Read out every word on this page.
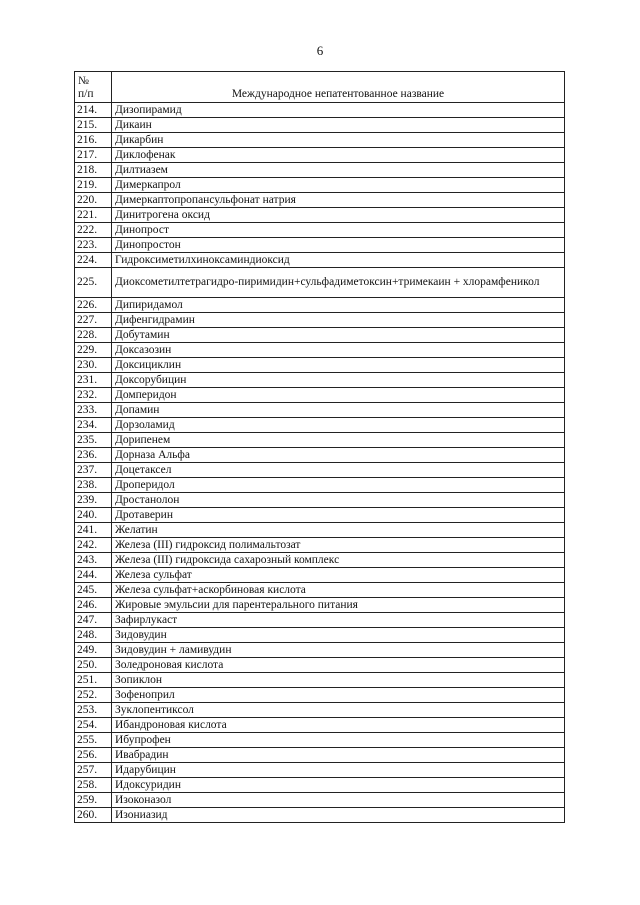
6
№
п/п	Международное непатентованное название
214.	Дизопирамид
215.	Дикаин
216.	Дикарбин
217.	Диклофенак
218.	Дилтиазем
219.	Димеркапрол
220.	Димеркаптопропансульфонат натрия
221.	Динитрогена оксид
222.	Динопрост
223.	Динопростон
224.	Гидроксиметилхиноксаминдиоксид
225.	Диоксометилтетрагидро-пиримидин+сульфадиметоксин+тримекаин + хлорамфеникол
226.	Дипиридамол
227.	Дифенгидрамин
228.	Добутамин
229.	Доксазозин
230.	Доксициклин
231.	Доксорубицин
232.	Домперидон
233.	Допамин
234.	Дорзоламид
235.	Дорипенем
236.	Дорназа Альфа
237.	Доцетаксел
238.	Дроперидол
239.	Дростанолон
240.	Дротаверин
241.	Желатин
242.	Железа (III) гидроксид полимальтозат
243.	Железа (III) гидроксида сахарозный комплекс
244.	Железа сульфат
245.	Железа сульфат+аскорбиновая кислота
246.	Жировые эмульсии для парентерального питания
247.	Зафирлукаст
248.	Зидовудин
249.	Зидовудин + ламивудин
250.	Золедроновая кислота
251.	Зопиклон
252.	Зофеноприл
253.	Зуклопентиксол
254.	Ибандроновая кислота
255.	Ибупрофен
256.	Ивабрадин
257.	Идарубицин
258.	Идоксуридин
259.	Изоконазол
260.	Изониазид
